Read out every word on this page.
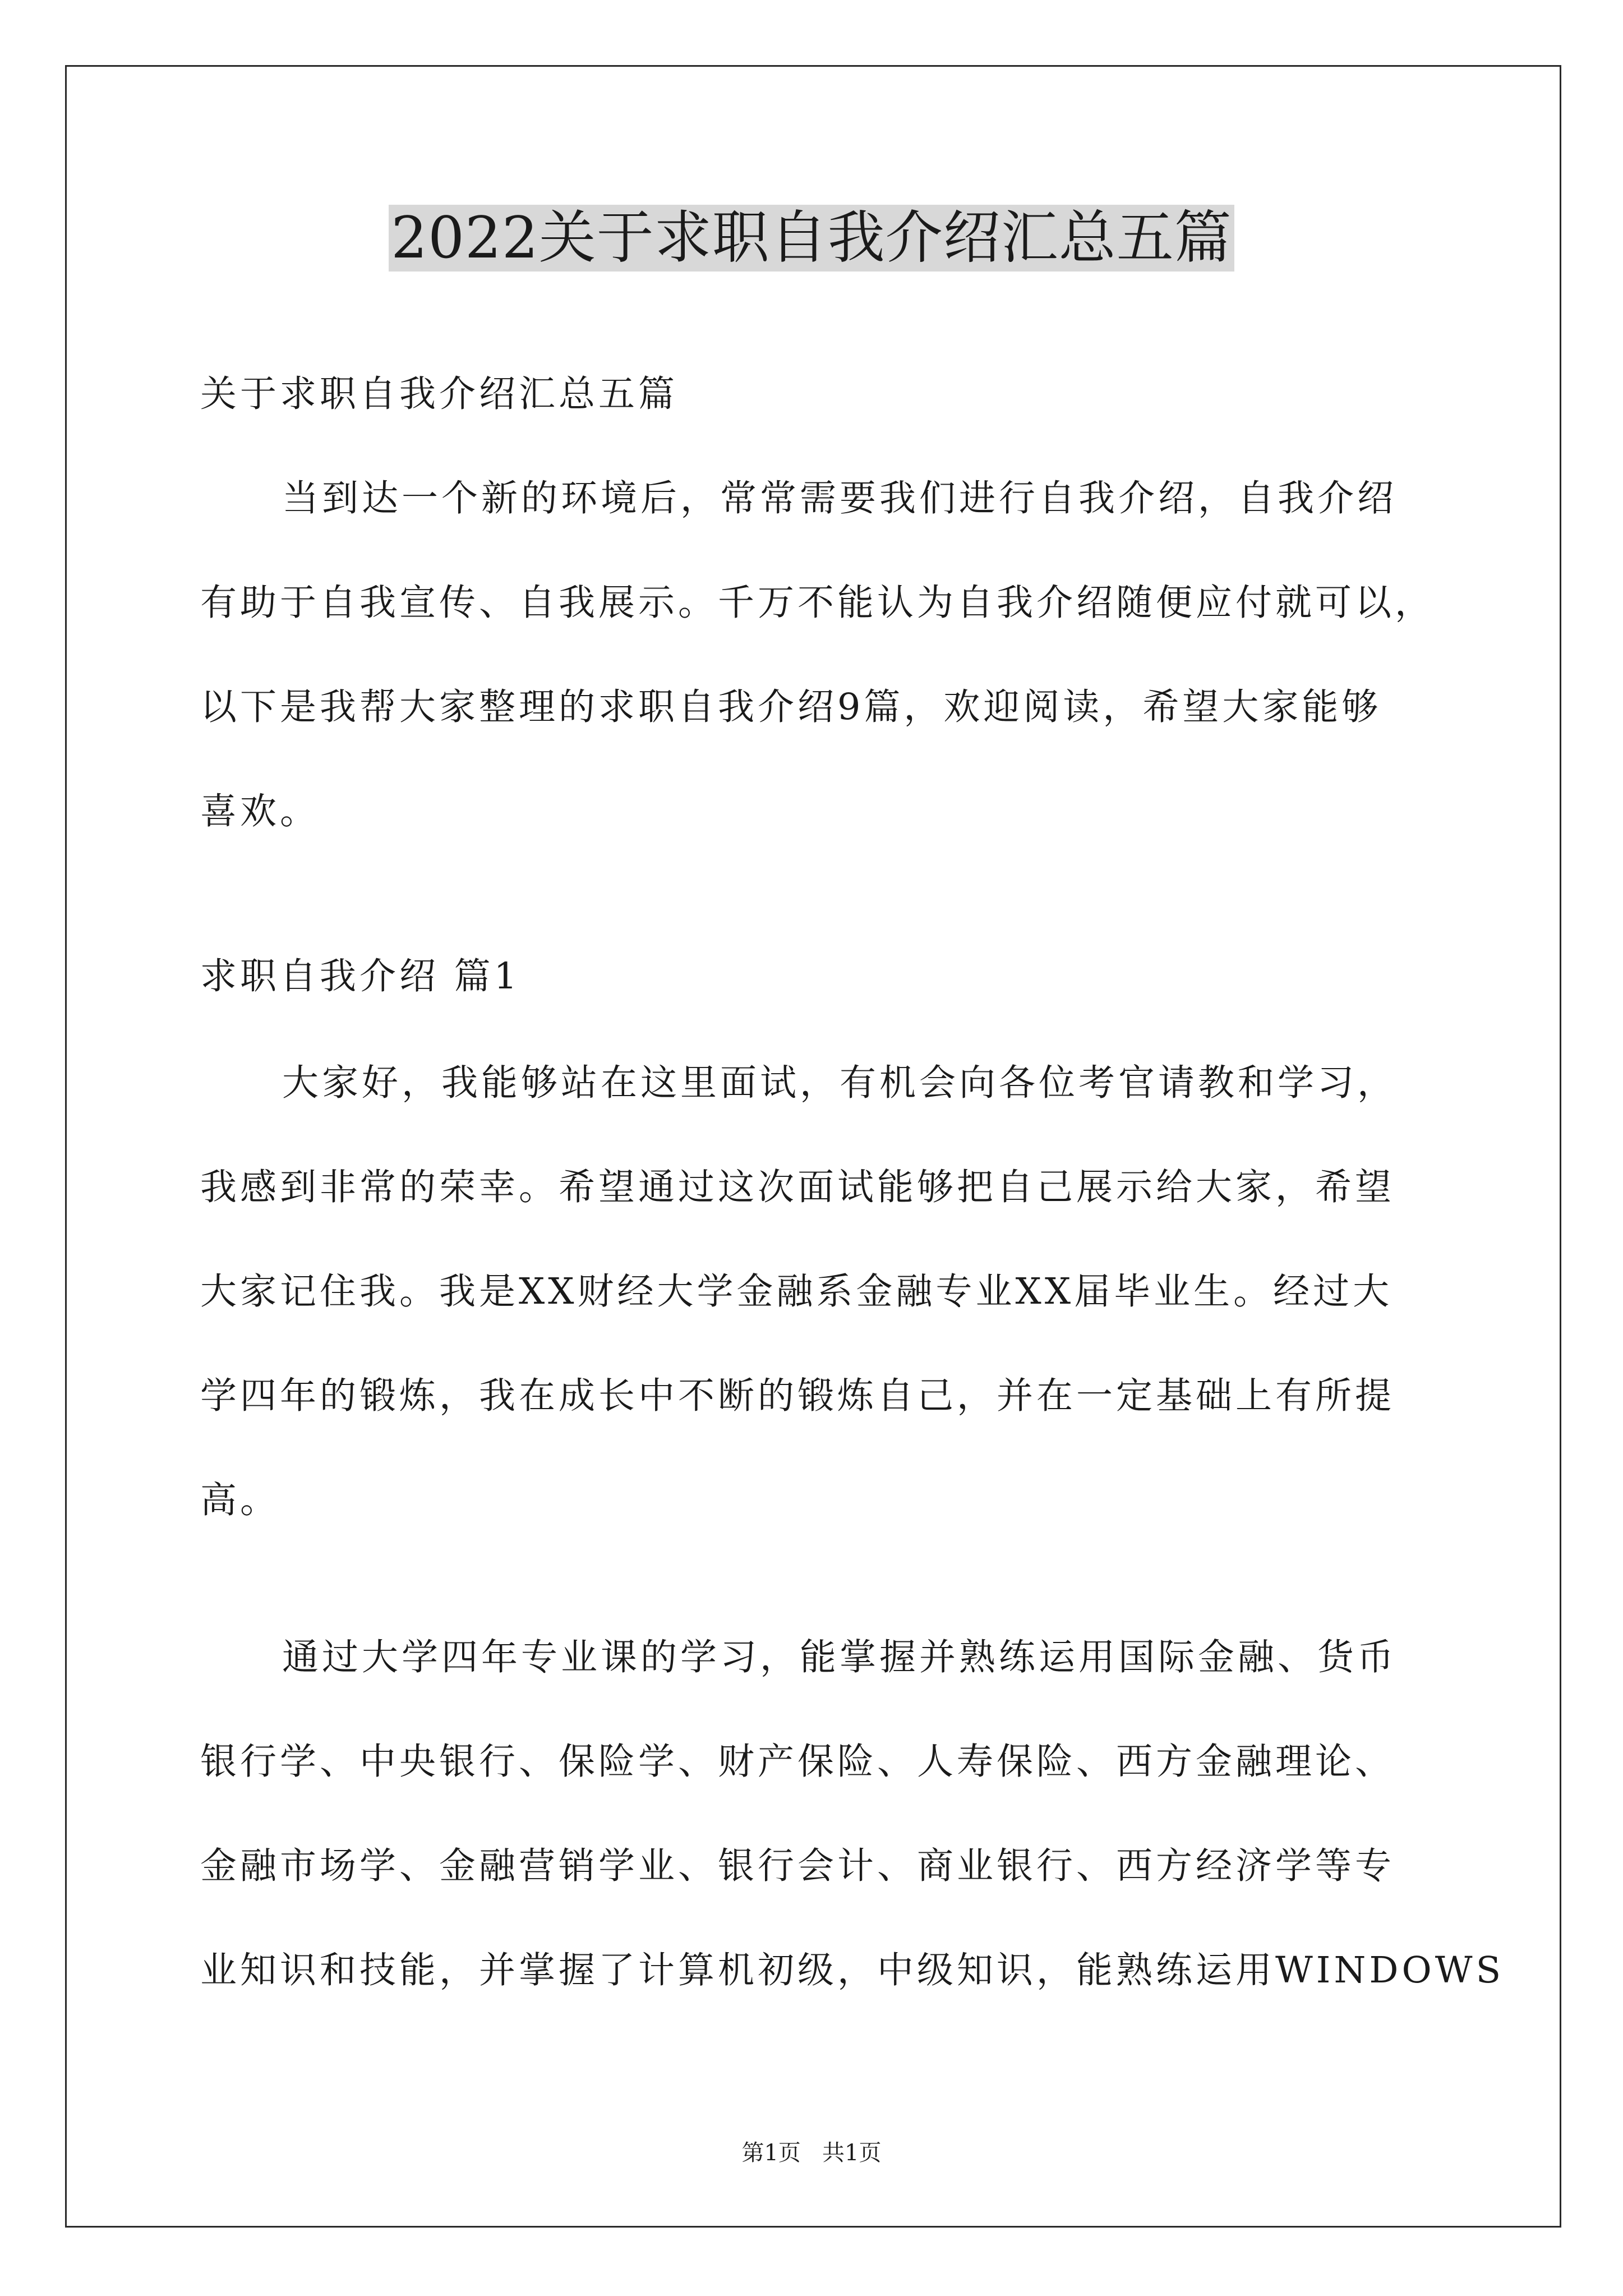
2022关于求职自我介绍汇总五篇
关于求职自我介绍汇总五篇
当到达一个新的环境后，常常需要我们进行自我介绍，自我介绍
有助于自我宣传、自我展示。千万不能认为自我介绍随便应付就可以，
以下是我帮大家整理的求职自我介绍9篇，欢迎阅读，希望大家能够
喜欢。
求职自我介绍 篇1
大家好，我能够站在这里面试，有机会向各位考官请教和学习，
我感到非常的荣幸。希望通过这次面试能够把自己展示给大家，希望
大家记住我。我是XX财经大学金融系金融专业XX届毕业生。经过大
学四年的锻炼，我在成长中不断的锻炼自己，并在一定基础上有所提
高。
通过大学四年专业课的学习，能掌握并熟练运用国际金融、货币
银行学、中央银行、保险学、财产保险、人寿保险、西方金融理论、
金融市场学、金融营销学业、银行会计、商业银行、西方经济学等专
业知识和技能，并掌握了计算机初级，中级知识，能熟练运用WINDOWS
第1页   共1页
